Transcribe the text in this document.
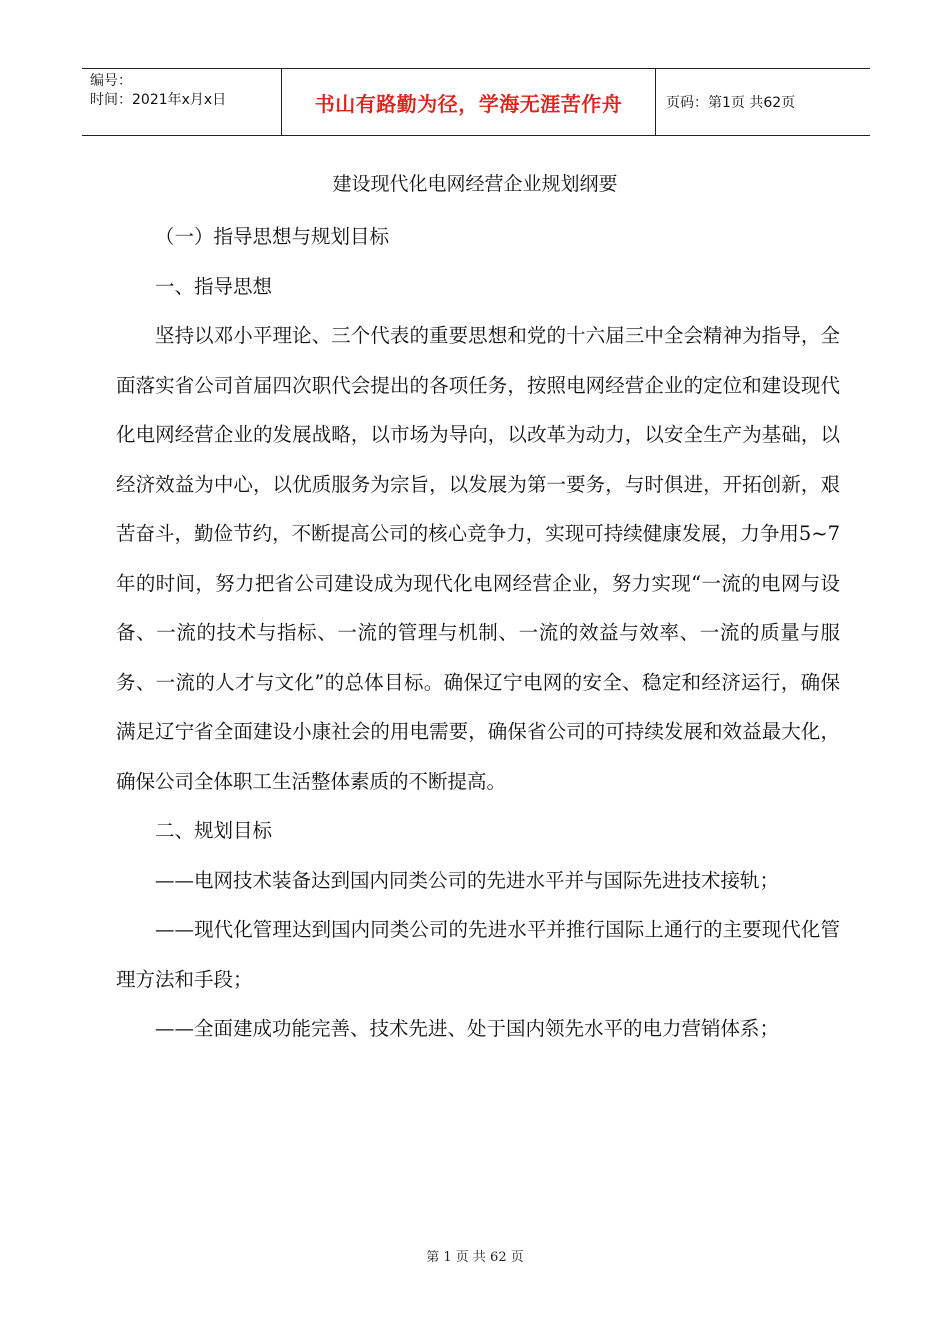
编号：
时间：2021年x月x日	书山有路勤为径，学海无涯苦作舟	页码：第1页 共62页
建设现代化电网经营企业规划纲要

（一）指导思想与规划目标

一、指导思想

坚持以邓小平理论、三个代表的重要思想和党的十六届三中全会精神为指导，全面落实省公司首届四次职代会提出的各项任务，按照电网经营企业的定位和建设现代化电网经营企业的发展战略，以市场为导向，以改革为动力，以安全生产为基础，以经济效益为中心，以优质服务为宗旨，以发展为第一要务，与时俱进，开拓创新，艰苦奋斗，勤俭节约，不断提高公司的核心竞争力，实现可持续健康发展，力争用5~7年的时间，努力把省公司建设成为现代化电网经营企业，努力实现“一流的电网与设备、一流的技术与指标、一流的管理与机制、一流的效益与效率、一流的质量与服务、一流的人才与文化”的总体目标。确保辽宁电网的安全、稳定和经济运行，确保满足辽宁省全面建设小康社会的用电需要，确保省公司的可持续发展和效益最大化，确保公司全体职工生活整体素质的不断提高。

二、规划目标

——电网技术装备达到国内同类公司的先进水平并与国际先进技术接轨；

——现代化管理达到国内同类公司的先进水平并推行国际上通行的主要现代化管理方法和手段；

——全面建成功能完善、技术先进、处于国内领先水平的电力营销体系；

第 1 页 共 62 页
